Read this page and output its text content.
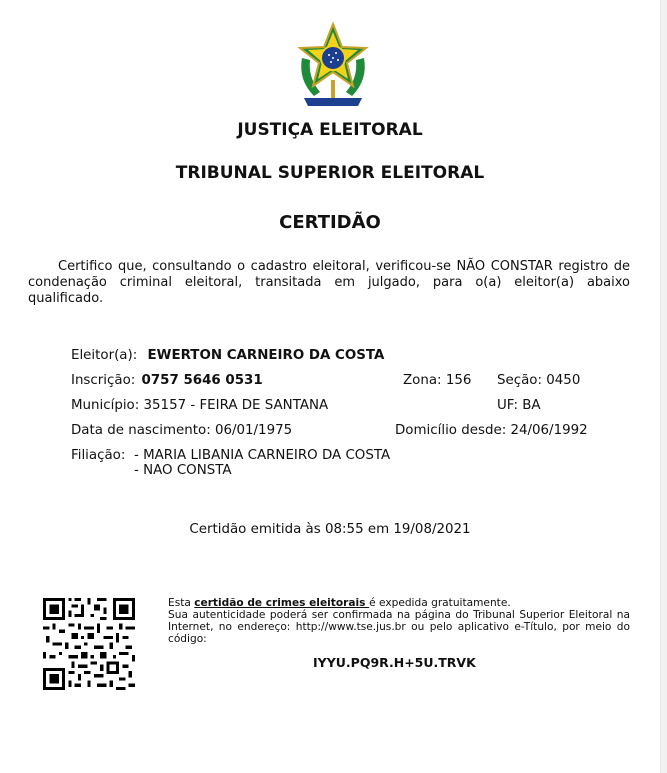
JUSTIÇA ELEITORAL
TRIBUNAL SUPERIOR ELEITORAL
CERTIDÃO

Certifico que, consultando o cadastro eleitoral, verificou-se NÃO CONSTAR registro de condenação criminal eleitoral, transitada em julgado, para o(a) eleitor(a) abaixo qualificado.

Eleitor(a): EWERTON CARNEIRO DA COSTA
Inscrição: 0757 5646 0531	Zona: 156 Seção: 0450
Município: 35157 - FEIRA DE SANTANA	UF: BA
Data de nascimento: 06/01/1975	Domicílio desde: 24/06/1992
Filiação: - MARIA LIBANIA CARNEIRO DA COSTA
- NAO CONSTA
Certidão emitida às 08:55 em 19/08/2021
Esta certidão de crimes eleitorais é expedida gratuitamente.
Sua autenticidade poderá ser confirmada na página do Tribunal Superior Eleitoral na Internet, no endereço: http://www.tse.jus.br ou pelo aplicativo e-Título, por meio do código:
IYYU.PQ9R.H+5U.TRVK
